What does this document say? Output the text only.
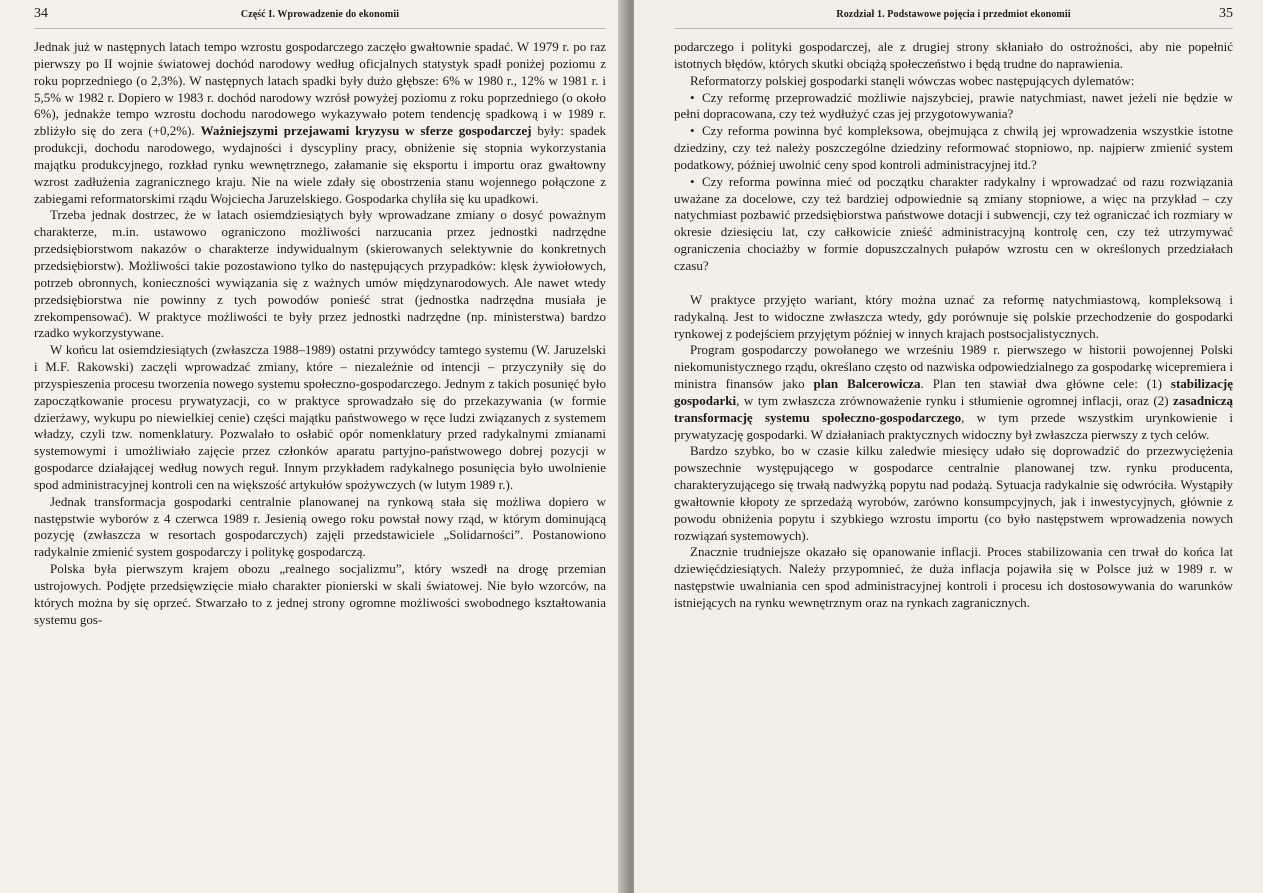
34	Część I. Wprowadzenie do ekonomii

Jednak już w następnych latach tempo wzrostu gospodarczego zaczęło gwałtownie spadać. W 1979 r. po raz pierwszy po II wojnie światowej dochód narodowy według oficjalnych statystyk spadł poniżej poziomu z roku poprzedniego (o 2,3%). W następnych latach spadki były dużo głębsze: 6% w 1980 r., 12% w 1981 r. i 5,5% w 1982 r. Dopiero w 1983 r. dochód narodowy wzrósł powyżej poziomu z roku poprzedniego (o około 6%), jednakże tempo wzrostu dochodu narodowego wykazywało potem tendencję spadkową i w 1989 r. zbliżyło się do zera (+0,2%). Ważniejszymi przejawami kryzysu w sferze gospodarczej były: spadek produkcji, dochodu narodowego, wydajności i dyscypliny pracy, obniżenie się stopnia wykorzystania majątku produkcyjnego, rozkład rynku wewnętrznego, załamanie się eksportu i importu oraz gwałtowny wzrost zadłużenia zagranicznego kraju. Nie na wiele zdały się obostrzenia stanu wojennego połączone z zabiegami reformatorskimi rządu Wojciecha Jaruzelskiego. Gospodarka chyliła się ku upadkowi.

Trzeba jednak dostrzec, że w latach osiemdziesiątych były wprowadzane zmiany o dosyć poważnym charakterze, m.in. ustawowo ograniczono możliwości narzucania przez jednostki nadrzędne przedsiębiorstwom nakazów o charakterze indywidualnym (skierowanych selektywnie do konkretnych przedsiębiorstw). Możliwości takie pozostawiono tylko do następujących przypadków: klęsk żywiołowych, potrzeb obronnych, konieczności wywiązania się z ważnych umów międzynarodowych. Ale nawet wtedy przedsiębiorstwa nie powinny z tych powodów ponieść strat (jednostka nadrzędna musiała je zrekompensować). W praktyce możliwości te były przez jednostki nadrzędne (np. ministerstwa) bardzo rzadko wykorzystywane.

W końcu lat osiemdziesiątych (zwłaszcza 1988–1989) ostatni przywódcy tamtego systemu (W. Jaruzelski i M.F. Rakowski) zaczęli wprowadzać zmiany, które – niezależnie od intencji – przyczyniły się do przyspieszenia procesu tworzenia nowego systemu społeczno-gospodarczego. Jednym z takich posunięć było zapoczątkowanie procesu prywatyzacji, co w praktyce sprowadzało się do przekazywania (w formie dzierżawy, wykupu po niewielkiej cenie) części majątku państwowego w ręce ludzi związanych z systemem władzy, czyli tzw. nomenklatury. Pozwalało to osłabić opór nomenklatury przed radykalnymi zmianami systemowymi i umożliwiało zajęcie przez członków aparatu partyjno-państwowego dobrej pozycji w gospodarce działającej według nowych reguł. Innym przykładem radykalnego posunięcia było uwolnienie spod administracyjnej kontroli cen na większość artykułów spożywczych (w lutym 1989 r.).

Jednak transformacja gospodarki centralnie planowanej na rynkową stała się możliwa dopiero w następstwie wyborów z 4 czerwca 1989 r. Jesienią owego roku powstał nowy rząd, w którym dominującą pozycję (zwłaszcza w resortach gospodarczych) zajęli przedstawiciele „Solidarności”. Postanowiono radykalnie zmienić system gospodarczy i politykę gospodarczą.

Polska była pierwszym krajem obozu „realnego socjalizmu”, który wszedł na drogę przemian ustrojowych. Podjęte przedsięwzięcie miało charakter pionierski w skali światowej. Nie było wzorców, na których można by się oprzeć. Stwarzało to z jednej strony ogromne możliwości swobodnego kształtowania systemu gos-

Rozdział 1. Podstawowe pojęcia i przedmiot ekonomii	35

podarczego i polityki gospodarczej, ale z drugiej strony skłaniało do ostrożności, aby nie popełnić istotnych błędów, których skutki obciążą społeczeństwo i będą trudne do naprawienia.

Reformatorzy polskiej gospodarki stanęli wówczas wobec następujących dylematów:

• Czy reformę przeprowadzić możliwie najszybciej, prawie natychmiast, nawet jeżeli nie będzie w pełni dopracowana, czy też wydłużyć czas jej przygotowywania?

• Czy reforma powinna być kompleksowa, obejmująca z chwilą jej wprowadzenia wszystkie istotne dziedziny, czy też należy poszczególne dziedziny reformować stopniowo, np. najpierw zmienić system podatkowy, później uwolnić ceny spod kontroli administracyjnej itd.?

• Czy reforma powinna mieć od początku charakter radykalny i wprowadzać od razu rozwiązania uważane za docelowe, czy też bardziej odpowiednie są zmiany stopniowe, a więc na przykład – czy natychmiast pozbawić przedsiębiorstwa państwowe dotacji i subwencji, czy też ograniczać ich rozmiary w okresie dziesięciu lat, czy całkowicie znieść administracyjną kontrolę cen, czy też utrzymywać ograniczenia chociażby w formie dopuszczalnych pułapów wzrostu cen w określonych przedziałach czasu?

W praktyce przyjęto wariant, który można uznać za reformę natychmiastową, kompleksową i radykalną. Jest to widoczne zwłaszcza wtedy, gdy porównuje się polskie przechodzenie do gospodarki rynkowej z podejściem przyjętym później w innych krajach postsocjalistycznych.

Program gospodarczy powołanego we wrześniu 1989 r. pierwszego w historii powojennej Polski niekomunistycznego rządu, określano często od nazwiska odpowiedzialnego za gospodarkę wicepremiera i ministra finansów jako plan Balcerowicza. Plan ten stawiał dwa główne cele: (1) stabilizację gospodarki, w tym zwłaszcza zrównoważenie rynku i stłumienie ogromnej inflacji, oraz (2) zasadniczą transformację systemu społeczno-gospodarczego, w tym przede wszystkim urynkowienie i prywatyzację gospodarki. W działaniach praktycznych widoczny był zwłaszcza pierwszy z tych celów.

Bardzo szybko, bo w czasie kilku zaledwie miesięcy udało się doprowadzić do przezwyciężenia powszechnie występującego w gospodarce centralnie planowanej tzw. rynku producenta, charakteryzującego się trwałą nadwyżką popytu nad podażą. Sytuacja radykalnie się odwróciła. Wystąpiły gwałtownie kłopoty ze sprzedażą wyrobów, zarówno konsumpcyjnych, jak i inwestycyjnych, głównie z powodu obniżenia popytu i szybkiego wzrostu importu (co było następstwem wprowadzenia nowych rozwiązań systemowych).

Znacznie trudniejsze okazało się opanowanie inflacji. Proces stabilizowania cen trwał do końca lat dziewięćdziesiątych. Należy przypomnieć, że duża inflacja pojawiła się w Polsce już w 1989 r. w następstwie uwalniania cen spod administracyjnej kontroli i procesu ich dostosowywania do warunków istniejących na rynku wewnętrznym oraz na rynkach zagranicznych.
